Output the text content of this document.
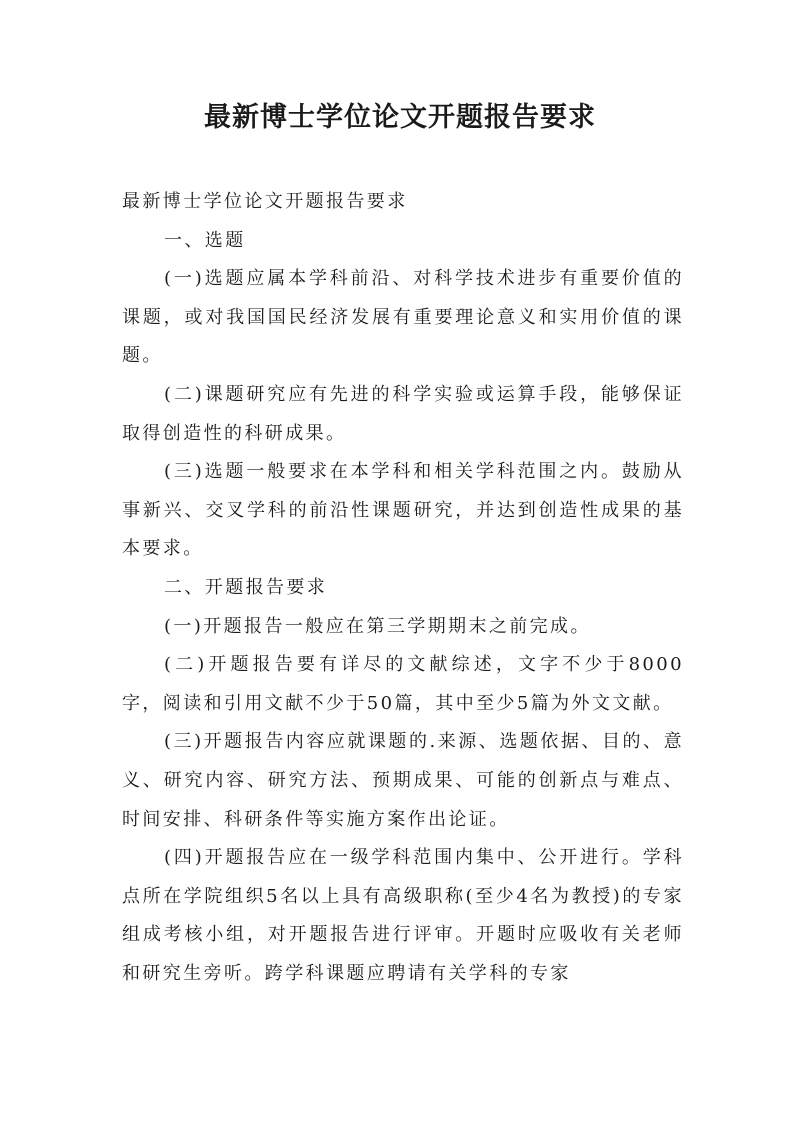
最新博士学位论文开题报告要求

最新博士学位论文开题报告要求

一、选题

(一)选题应属本学科前沿、对科学技术进步有重要价值的课题，或对我国国民经济发展有重要理论意义和实用价值的课题。

(二)课题研究应有先进的科学实验或运算手段，能够保证取得创造性的科研成果。

(三)选题一般要求在本学科和相关学科范围之内。鼓励从事新兴、交叉学科的前沿性课题研究，并达到创造性成果的基本要求。

二、开题报告要求

(一)开题报告一般应在第三学期期末之前完成。

(二)开题报告要有详尽的文献综述，文字不少于8000字，阅读和引用文献不少于50篇，其中至少5篇为外文文献。

(三)开题报告内容应就课题的.来源、选题依据、目的、意义、研究内容、研究方法、预期成果、可能的创新点与难点、时间安排、科研条件等实施方案作出论证。

(四)开题报告应在一级学科范围内集中、公开进行。学科点所在学院组织5名以上具有高级职称(至少4名为教授)的专家组成考核小组，对开题报告进行评审。开题时应吸收有关老师和研究生旁听。跨学科课题应聘请有关学科的专家
